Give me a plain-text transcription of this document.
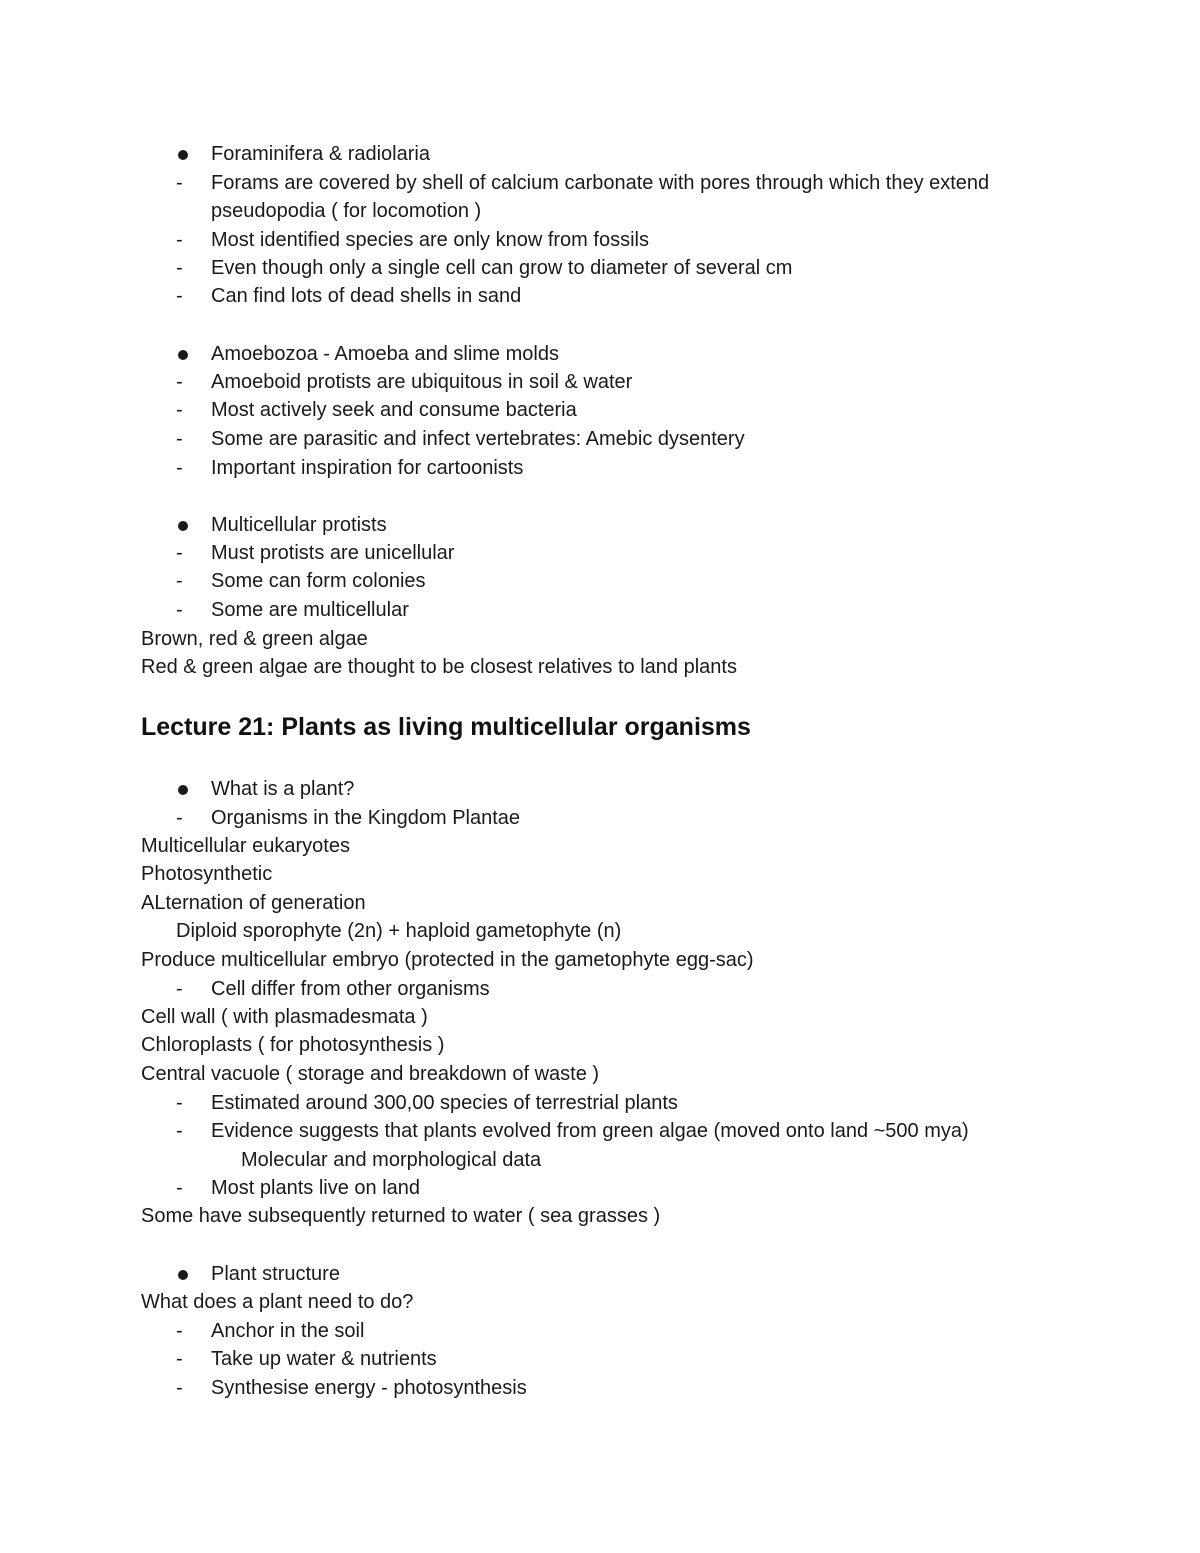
Foraminifera & radiolaria
- Forams are covered by shell of calcium carbonate with pores through which they extend
pseudopodia ( for locomotion )
- Most identified species are only know from fossils
- Even though only a single cell can grow to diameter of several cm
- Can find lots of dead shells in sand
Amoebozoa - Amoeba and slime molds
- Amoeboid protists are ubiquitous in soil & water
- Most actively seek and consume bacteria
- Some are parasitic and infect vertebrates: Amebic dysentery
- Important inspiration for cartoonists
Multicellular protists
- Must protists are unicellular
- Some can form colonies
- Some are multicellular
Brown, red & green algae
Red & green algae are thought to be closest relatives to land plants
Lecture 21: Plants as living multicellular organisms
What is a plant?
- Organisms in the Kingdom Plantae
Multicellular eukaryotes
Photosynthetic
ALternation of generation
Diploid sporophyte (2n) + haploid gametophyte (n)
Produce multicellular embryo (protected in the gametophyte egg-sac)
- Cell differ from other organisms
Cell wall ( with plasmadesmata )
Chloroplasts ( for photosynthesis )
Central vacuole ( storage and breakdown of waste )
- Estimated around 300,00 species of terrestrial plants
- Evidence suggests that plants evolved from green algae (moved onto land ~500 mya)
Molecular and morphological data
- Most plants live on land
Some have subsequently returned to water ( sea grasses )
Plant structure
What does a plant need to do?
- Anchor in the soil
- Take up water & nutrients
- Synthesise energy - photosynthesis
